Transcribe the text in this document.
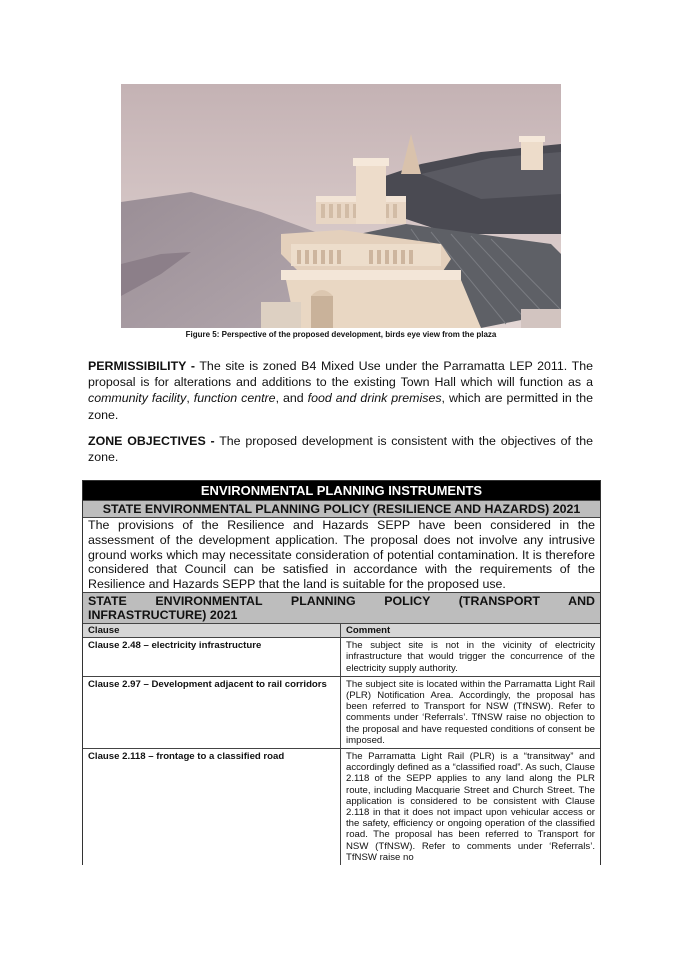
Figure 5: Perspective of the proposed development, birds eye view from the plaza
PERMISSIBILITY - The site is zoned B4 Mixed Use under the Parramatta LEP 2011. The proposal is for alterations and additions to the existing Town Hall which will function as a community facility, function centre, and food and drink premises, which are permitted in the zone.
ZONE OBJECTIVES - The proposed development is consistent with the objectives of the zone.
ENVIRONMENTAL PLANNING INSTRUMENTS
STATE ENVIRONMENTAL PLANNING POLICY (RESILIENCE AND HAZARDS) 2021
The provisions of the Resilience and Hazards SEPP have been considered in the assessment of the development application. The proposal does not involve any intrusive ground works which may necessitate consideration of potential contamination. It is therefore considered that Council can be satisfied in accordance with the requirements of the Resilience and Hazards SEPP that the land is suitable for the proposed use.
STATE ENVIRONMENTAL PLANNING POLICY (TRANSPORT AND
INFRASTRUCTURE) 2021
Clause	Comment
Clause 2.48 – electricity infrastructure	The subject site is not in the vicinity of electricity infrastructure that would trigger the concurrence of the electricity supply authority.
Clause 2.97 – Development adjacent to rail corridors	The subject site is located within the Parramatta Light Rail (PLR) Notification Area. Accordingly, the proposal has been referred to Transport for NSW (TfNSW). Refer to comments under ‘Referrals’. TfNSW raise no objection to the proposal and have requested conditions of consent be imposed.
Clause 2.118 – frontage to a classified road	The Parramatta Light Rail (PLR) is a “transitway” and accordingly defined as a “classified road”. As such, Clause 2.118 of the SEPP applies to any land along the PLR route, including Macquarie Street and Church Street. The application is considered to be consistent with Clause 2.118 in that it does not impact upon vehicular access or the safety, efficiency or ongoing operation of the classified road. The proposal has been referred to Transport for NSW (TfNSW). Refer to comments under ‘Referrals’. TfNSW raise no
